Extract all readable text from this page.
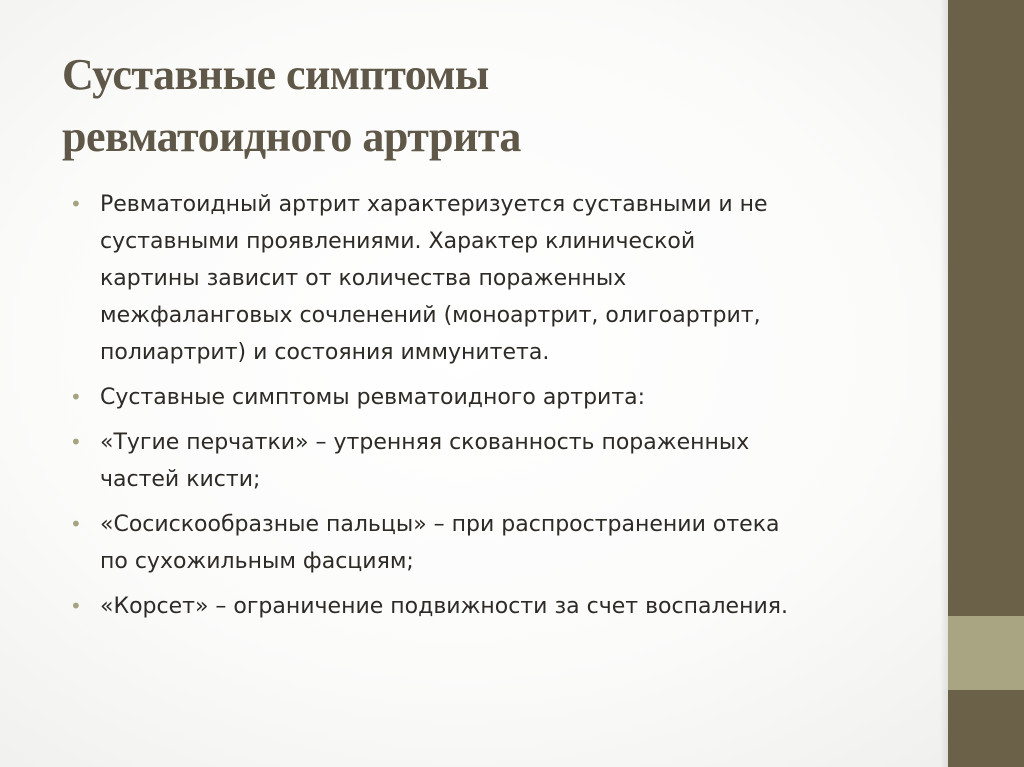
Суставные симптомы
ревматоидного артрита
• Ревматоидный артрит характеризуется суставными и не
суставными проявлениями. Характер клинической
картины зависит от количества пораженных
межфаланговых сочленений (моноартрит, олигоартрит,
полиартрит) и состояния иммунитета.
• Суставные симптомы ревматоидного артрита:
• «Тугие перчатки» – утренняя скованность пораженных
частей кисти;
• «Сосискообразные пальцы» – при распространении отека
по сухожильным фасциям;
• «Корсет» – ограничение подвижности за счет воспаления.
